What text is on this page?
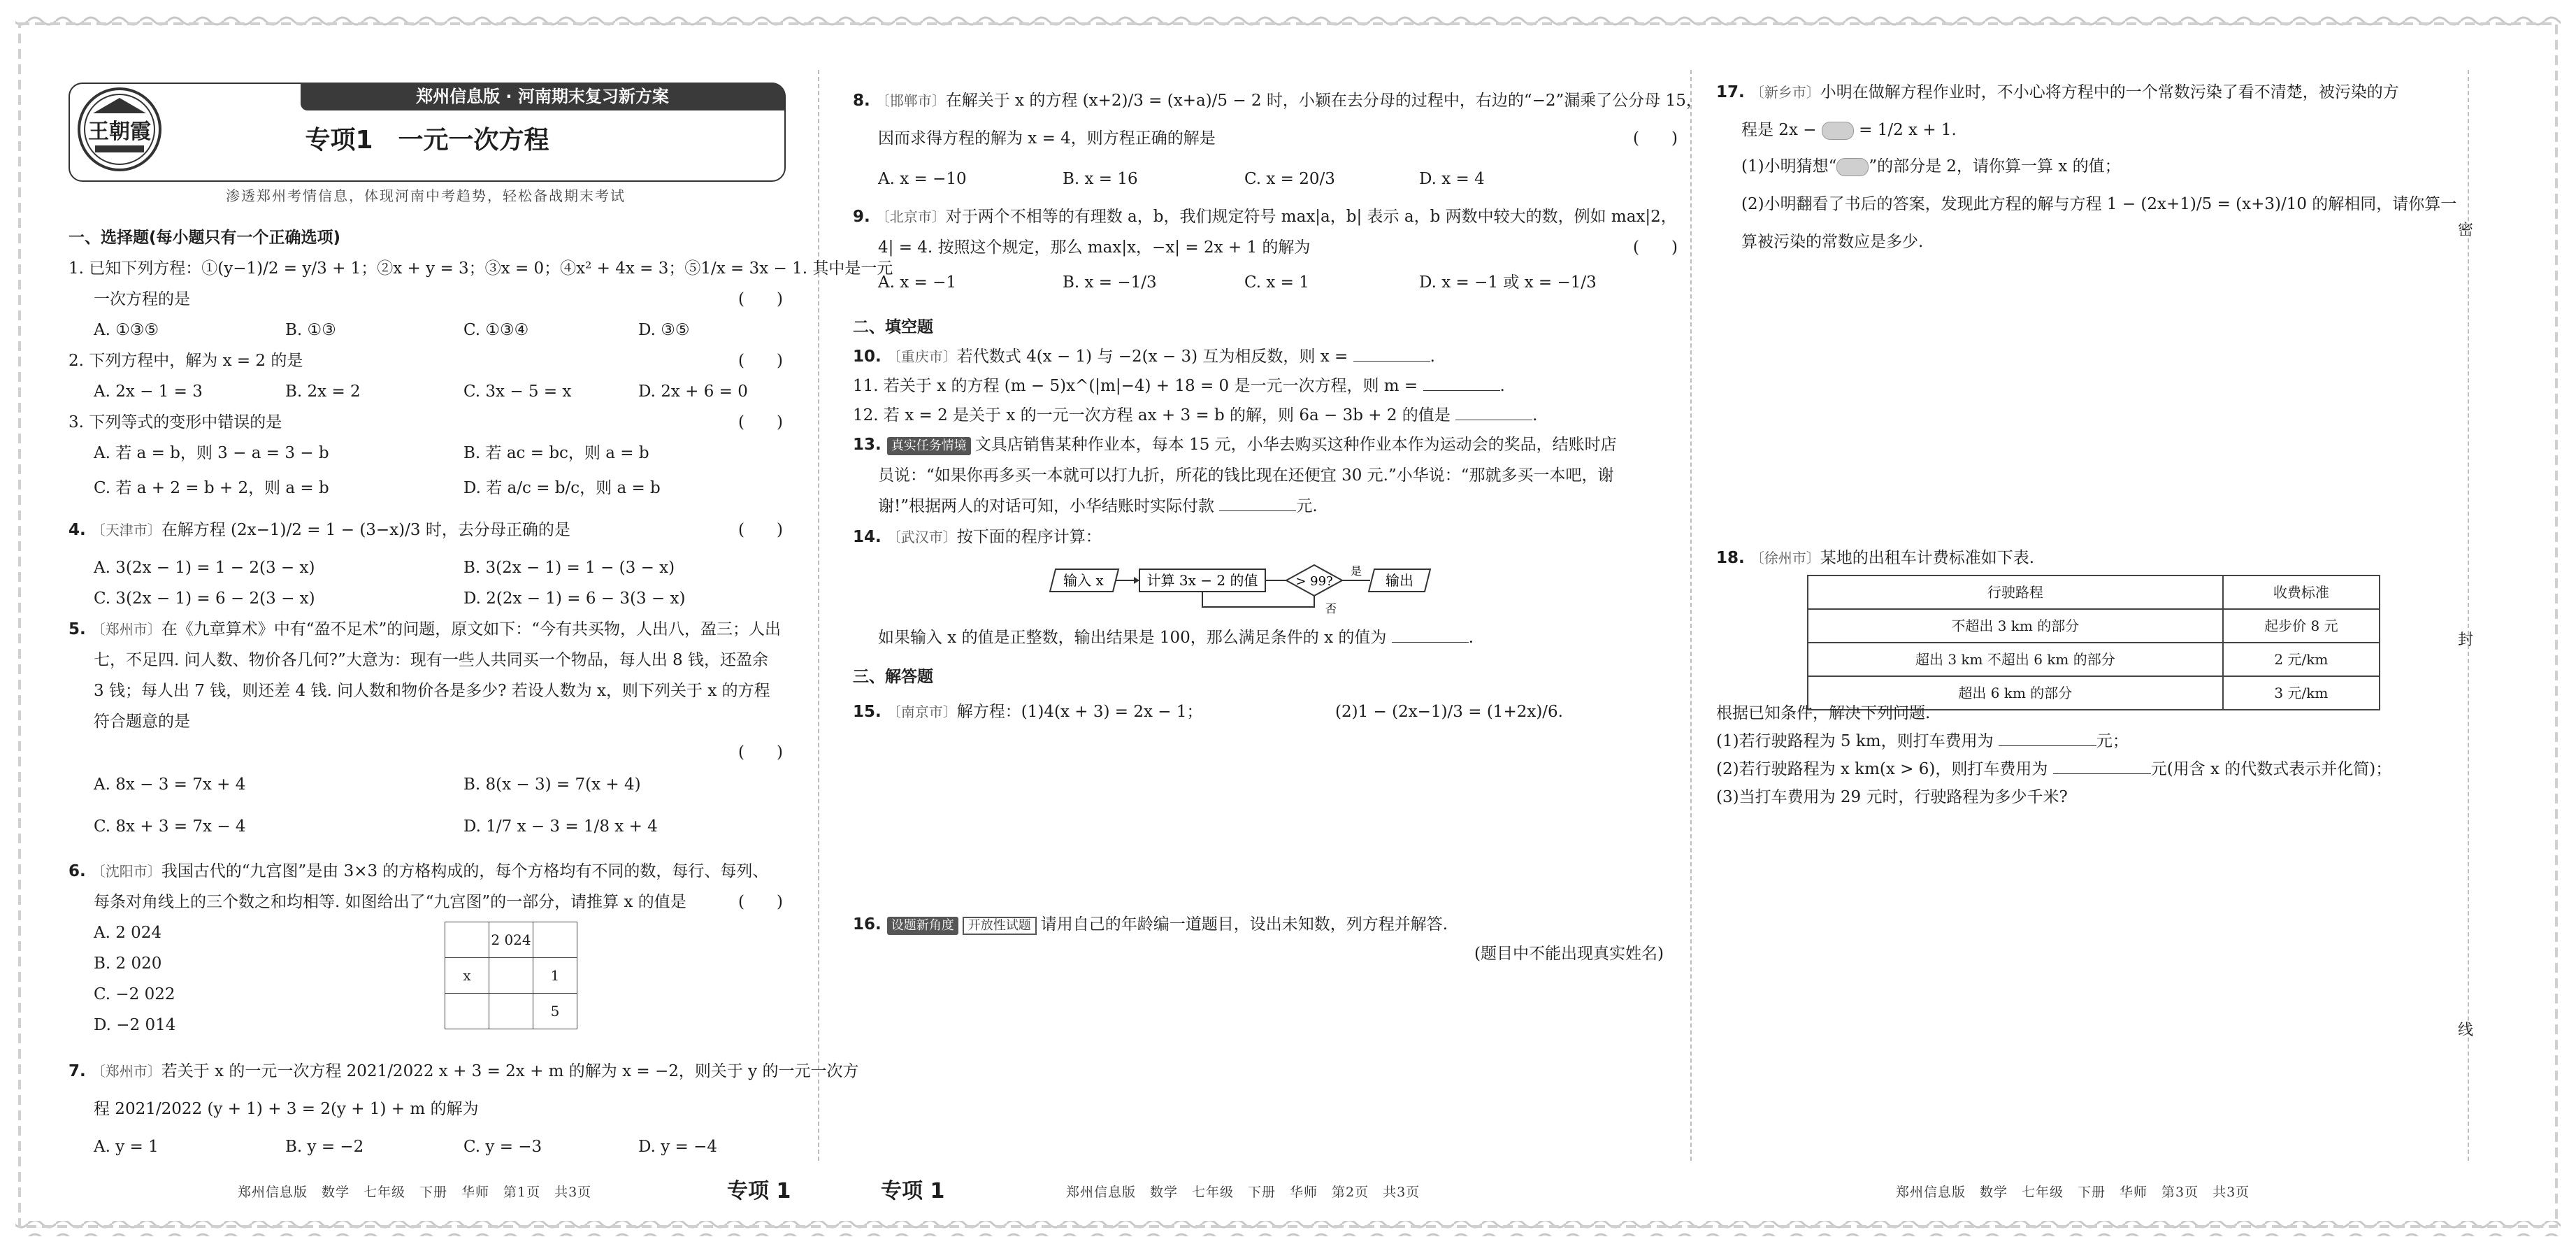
郑州信息版 · 河南期末复习新方案
专项1　一元一次方程
王朝霞
渗透郑州考情信息，体现河南中考趋势，轻松备战期末考试
一、选择题(每小题只有一个正确选项)
1. 已知下列方程：①(y−1)/2 = y/3 + 1；②x + y = 3；③x = 0；④x² + 4x = 3；⑤1/x = 3x − 1. 其中是一元
一次方程的是	(　　)
A. ①③⑤	B. ①③	C. ①③④	D. ③⑤
2. 下列方程中，解为 x = 2 的是	(　　)
A. 2x − 1 = 3	B. 2x = 2	C. 3x − 5 = x	D. 2x + 6 = 0
3. 下列等式的变形中错误的是	(　　)
A. 若 a = b，则 3 − a = 3 − b	B. 若 ac = bc，则 a = b
C. 若 a + 2 = b + 2，则 a = b	D. 若 a/c = b/c，则 a = b
4. 〔天津市〕在解方程 (2x−1)/2 = 1 − (3−x)/3 时，去分母正确的是	(　　)
A. 3(2x − 1) = 1 − 2(3 − x)	B. 3(2x − 1) = 1 − (3 − x)
C. 3(2x − 1) = 6 − 2(3 − x)	D. 2(2x − 1) = 6 − 3(3 − x)
5. 〔郑州市〕在《九章算术》中有“盈不足术”的问题，原文如下：“今有共买物，人出八，盈三；人出
七，不足四. 问人数、物价各几何?”大意为：现有一些人共同买一个物品，每人出 8 钱，还盈余
3 钱；每人出 7 钱，则还差 4 钱. 问人数和物价各是多少? 若设人数为 x，则下列关于 x 的方程
符合题意的是
(　　)
A. 8x − 3 = 7x + 4	B. 8(x − 3) = 7(x + 4)
C. 8x + 3 = 7x − 4	D. 1/7 x − 3 = 1/8 x + 4
6. 〔沈阳市〕我国古代的“九宫图”是由 3×3 的方格构成的，每个方格均有不同的数，每行、每列、
每条对角线上的三个数之和均相等. 如图给出了“九宫图”的一部分，请推算 x 的值是	(　　)
A. 2 024
B. 2 020
C. −2 022
D. −2 014
	2 024	
x		1
		5
7. 〔郑州市〕若关于 x 的一元一次方程 2021/2022 x + 3 = 2x + m 的解为 x = −2，则关于 y 的一元一次方
程 2021/2022 (y + 1) + 3 = 2(y + 1) + m 的解为
A. y = 1	B. y = −2	C. y = −3	D. y = −4
8. 〔邯郸市〕在解关于 x 的方程 (x+2)/3 = (x+a)/5 − 2 时，小颖在去分母的过程中，右边的“−2”漏乘了公分母 15，
因而求得方程的解为 x = 4，则方程正确的解是	(　　)
A. x = −10	B. x = 16	C. x = 20/3	D. x = 4
9. 〔北京市〕对于两个不相等的有理数 a，b，我们规定符号 max|a，b| 表示 a，b 两数中较大的数，例如 max|2，
4| = 4. 按照这个规定，那么 max|x，−x| = 2x + 1 的解为	(　　)
A. x = −1	B. x = −1/3	C. x = 1	D. x = −1 或 x = −1/3
二、填空题
10. 〔重庆市〕若代数式 4(x − 1) 与 −2(x − 3) 互为相反数，则 x =	.
11. 若关于 x 的方程 (m − 5)x^(|m|−4) + 18 = 0 是一元一次方程，则 m =	.
12. 若 x = 2 是关于 x 的一元一次方程 ax + 3 = b 的解，则 6a − 3b + 2 的值是	.
13. 真实任务情境 文具店销售某种作业本，每本 15 元，小华去购买这种作业本作为运动会的奖品，结账时店
员说：“如果你再多买一本就可以打九折，所花的钱比现在还便宜 30 元.”小华说：“那就多买一本吧，谢
谢!”根据两人的对话可知，小华结账时实际付款	元.
14. 〔武汉市〕按下面的程序计算：
输入 x	计算 3x − 2 的值	> 99?
是
输出
否
如果输入 x 的值是正整数，输出结果是 100，那么满足条件的 x 的值为	.
三、解答题
15. 〔南京市〕解方程：(1)4(x + 3) = 2x − 1；	(2)1 − (2x−1)/3 = (1+2x)/6.
16. 设题新角度 开放性试题 请用自己的年龄编一道题目，设出未知数，列方程并解答.
(题目中不能出现真实姓名)
17. 〔新乡市〕小明在做解方程作业时，不小心将方程中的一个常数污染了看不清楚，被污染的方
程是 2x −	= 1/2 x + 1.
(1)小明猜想“ ”的部分是 2，请你算一算 x 的值；
(2)小明翻看了书后的答案，发现此方程的解与方程 1 − (2x+1)/5 = (x+3)/10 的解相同，请你算一
算被污染的常数应是多少.
18. 〔徐州市〕某地的出租车计费标准如下表.
行驶路程	收费标准
不超出 3 km 的部分	起步价 8 元
超出 3 km 不超出 6 km 的部分	2 元/km
超出 6 km 的部分	3 元/km
根据已知条件，解决下列问题.
(1)若行驶路程为 5 km，则打车费用为	元；
(2)若行驶路程为 x km(x > 6)，则打车费用为	元(用含 x 的代数式表示并化简)；
(3)当打车费用为 29 元时，行驶路程为多少千米?
密
封
线
郑州信息版　数学　七年级　下册　华师　第1页　共3页	专项 1	专项 1	郑州信息版　数学　七年级　下册　华师　第2页　共3页	郑州信息版　数学　七年级　下册　华师　第3页　共3页
